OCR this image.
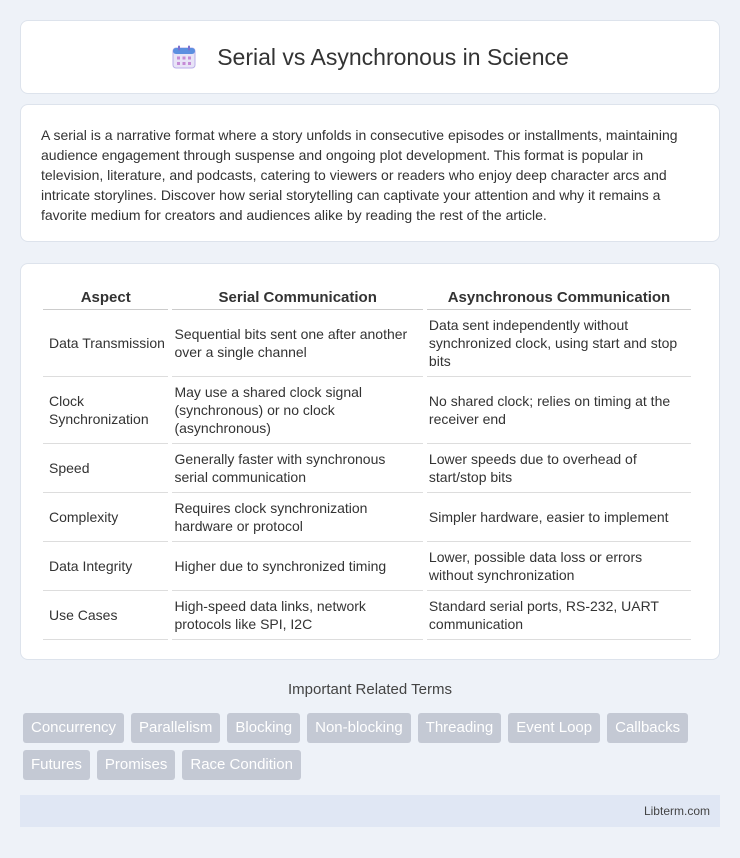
Serial vs Asynchronous in Science

A serial is a narrative format where a story unfolds in consecutive episodes or installments, maintaining audience engagement through suspense and ongoing plot development. This format is popular in television, literature, and podcasts, catering to viewers or readers who enjoy deep character arcs and intricate storylines. Discover how serial storytelling can captivate your attention and why it remains a favorite medium for creators and audiences alike by reading the rest of the article.

Aspect	Serial Communication	Asynchronous Communication
Data Transmission	Sequential bits sent one after another over a single channel	Data sent independently without synchronized clock, using start and stop bits
Clock Synchronization	May use a shared clock signal (synchronous) or no clock (asynchronous)	No shared clock; relies on timing at the receiver end
Speed	Generally faster with synchronous serial communication	Lower speeds due to overhead of start/stop bits
Complexity	Requires clock synchronization hardware or protocol	Simpler hardware, easier to implement
Data Integrity	Higher due to synchronized timing	Lower, possible data loss or errors without synchronization
Use Cases	High-speed data links, network protocols like SPI, I2C	Standard serial ports, RS-232, UART communication
Important Related Terms
Concurrency	Parallelism	Blocking	Non-blocking	Threading	Event Loop	Callbacks
Futures	Promises	Race Condition
Libterm.com
